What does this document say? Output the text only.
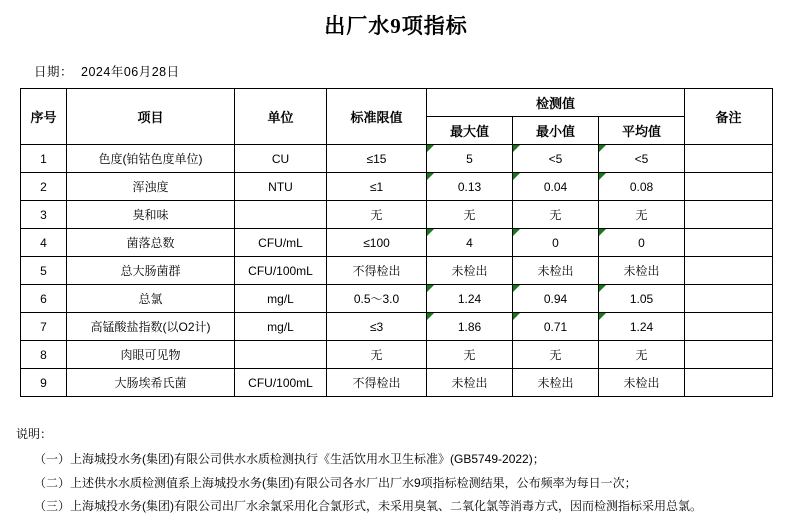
出厂水9项指标
日期： 2024年06月28日
序号	项目	单位	标准限值	检测值			备注
				最大值	最小值	平均值	
1	色度(铂钴色度单位)	CU	≤15	5	<5	<5	
2	浑浊度	NTU	≤1	0.13	0.04	0.08	
3	臭和味		无	无	无	无	
4	菌落总数	CFU/mL	≤100	4	0	0	
5	总大肠菌群	CFU/100mL	不得检出	未检出	未检出	未检出	
6	总氯	mg/L	0.5～3.0	1.24	0.94	1.05	
7	高锰酸盐指数(以O2计)	mg/L	≤3	1.86	0.71	1.24	
8	肉眼可见物		无	无	无	无	
9	大肠埃希氏菌	CFU/100mL	不得检出	未检出	未检出	未检出	
说明：
（一）上海城投水务(集团)有限公司供水水质检测执行《生活饮用水卫生标准》(GB5749-2022)；
（二）上述供水水质检测值系上海城投水务(集团)有限公司各水厂出厂水9项指标检测结果，公布频率为每日一次；
（三）上海城投水务(集团)有限公司出厂水余氯采用化合氯形式，未采用臭氧、二氧化氯等消毒方式，因而检测指标采用总氯。
